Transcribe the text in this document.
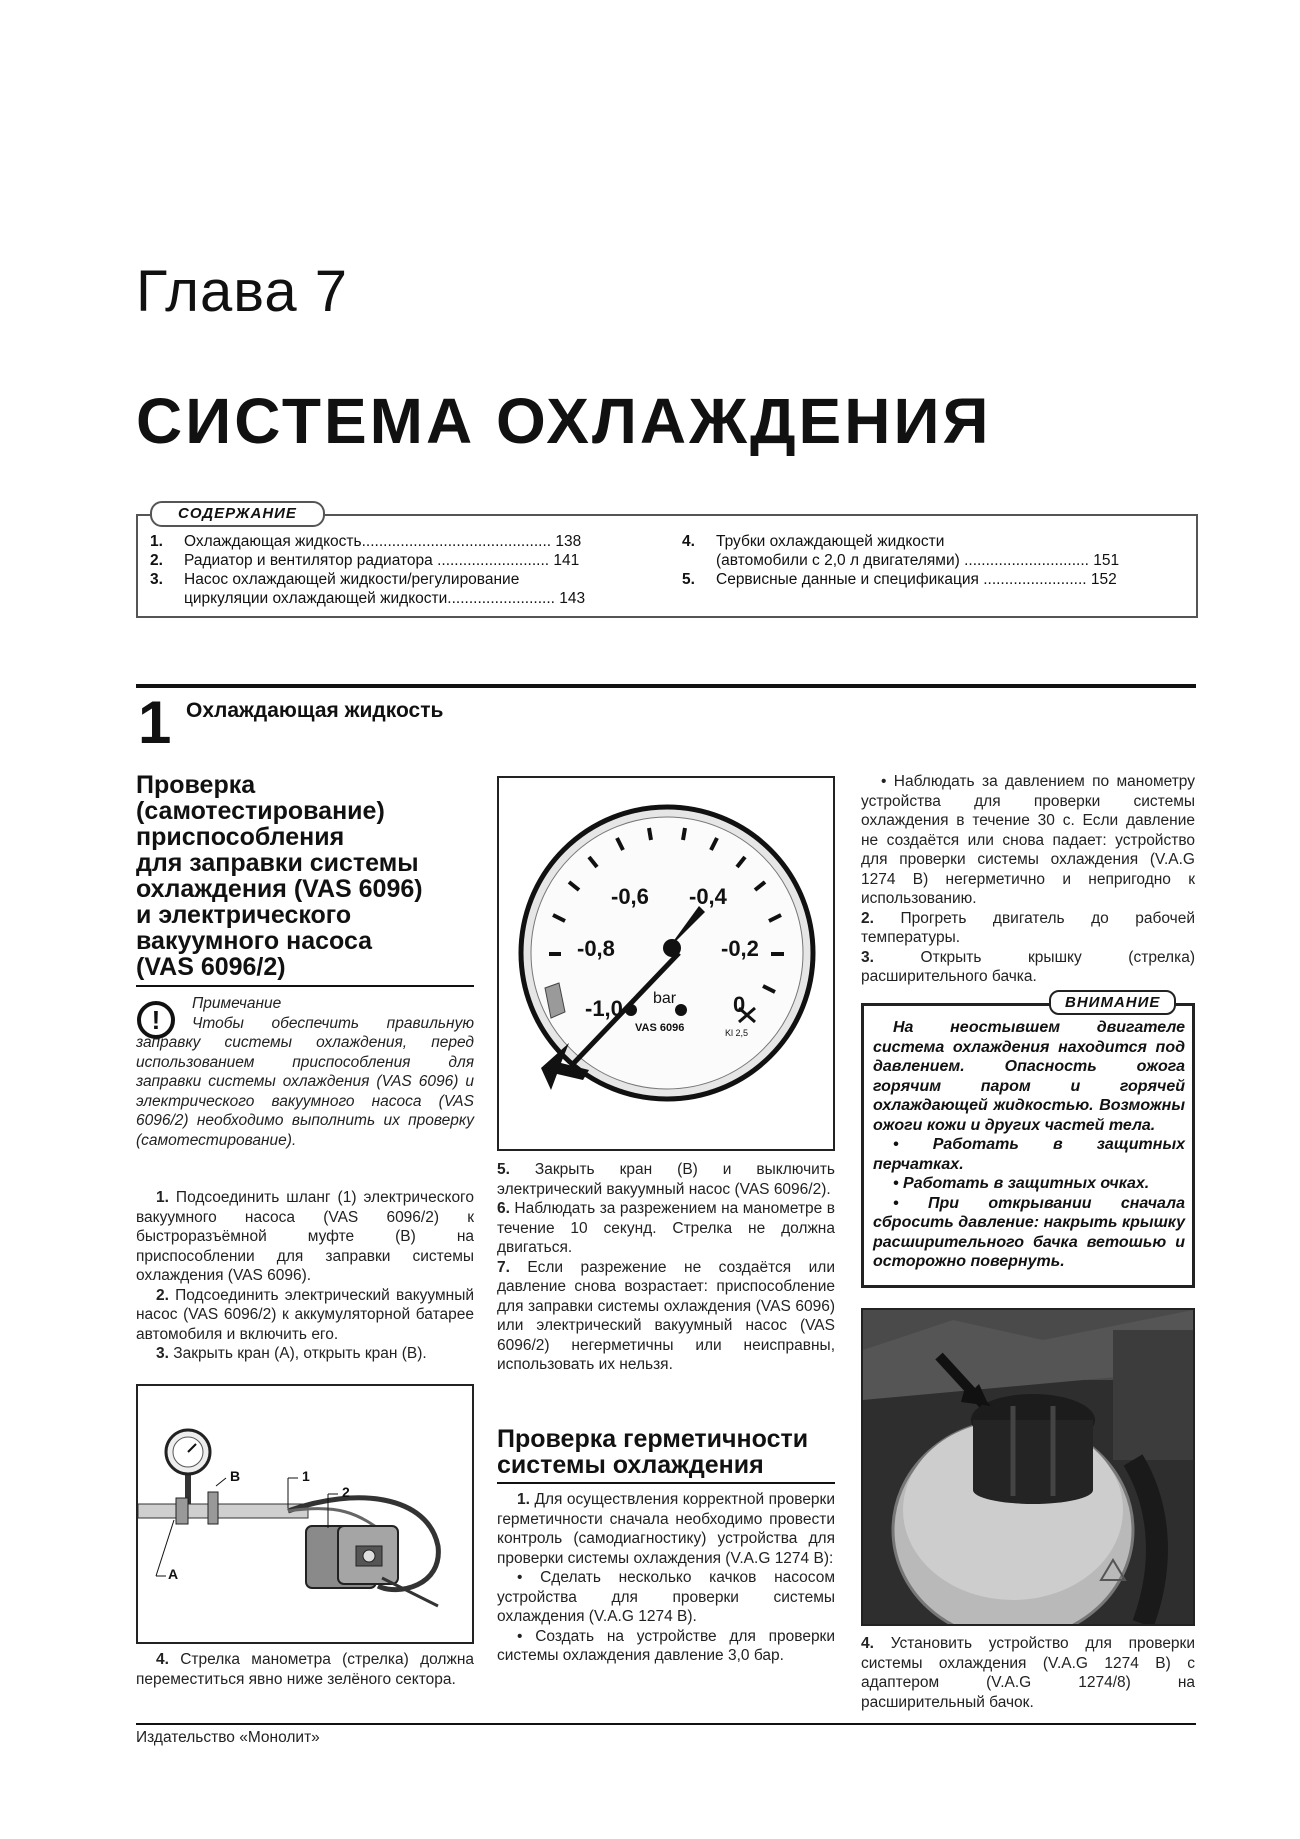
Глава 7
СИСТЕМА ОХЛАЖДЕНИЯ
СОДЕРЖАНИЕ
1.	Охлаждающая жидкость............................................ 138
2.	Радиатор и вентилятор радиатора .......................... 141
3.	Насос охлаждающей жидкости/регулирование
циркуляции охлаждающей жидкости......................... 143
4.	Трубки охлаждающей жидкости
(автомобили с 2,0 л двигателями) ............................. 151
5.	Сервисные данные и спецификация ........................ 152
1 Охлаждающая жидкость
Проверка
(самотестирование)
приспособления
для заправки системы
охлаждения (VAS 6096)
и электрического
вакуумного насоса
(VAS 6096/2)
!
Примечание
Чтобы обеспечить правильную заправку системы охлаждения, перед использованием приспособления для заправки системы охлаждения (VAS 6096) и электрического вакуумного насоса (VAS 6096/2) необходимо выполнить их проверку (самотестирование).

1. Подсоединить шланг (1) электрического вакуумного насоса (VAS 6096/2) к быстроразъёмной муфте (В) на приспособлении для заправки системы охлаждения (VAS 6096).

2. Подсоединить электрический вакуумный насос (VAS 6096/2) к аккумуляторной батарее автомобиля и включить его.

3. Закрыть кран (А), открыть кран (В).

B	1
2
A

4. Стрелка манометра (стрелка) должна переместиться явно ниже зелёного сектора.

-0,6 -0,4
-0,8	-0,2
-1,0	0
bar
VAS 6096	Kl 2,5

5. Закрыть кран (В) и выключить электрический вакуумный насос (VAS 6096/2).

6. Наблюдать за разрежением на манометре в течение 10 секунд. Стрелка не должна двигаться.

7. Если разрежение не создаётся или давление снова возрастает: приспособление для заправки системы охлаждения (VAS 6096) или электрический вакуумный насос (VAS 6096/2) негерметичны или неисправны, использовать их нельзя.

Проверка герметичности
системы охлаждения

1. Для осуществления корректной проверки герметичности сначала необходимо провести контроль (самодиагностику) устройства для проверки системы охлаждения (V.A.G 1274 В):

• Сделать несколько качков насосом устройства для проверки системы охлаждения (V.A.G 1274 В).

• Создать на устройстве для проверки системы охлаждения давление 3,0 бар.

• Наблюдать за давлением по манометру устройства для проверки системы охлаждения в течение 30 с. Если давление не создаётся или снова падает: устройство для проверки системы охлаждения (V.A.G 1274 В) негерметично и непригодно к использованию.

2. Прогреть двигатель до рабочей температуры.

3.	Открыть крышку (стрелка) расширительного бачка.

ВНИМАНИЕ

На неостывшем двигателе система охлаждения находится под давлением. Опасность ожога горячим паром и горячей охлаждающей жидкостью. Возможны ожоги кожи и других частей тела.

• Работать в защитных перчатках.

• Работать в защитных очках.

• При открывании сначала сбросить давление: накрыть крышку расширительного бачка ветошью и осторожно повернуть.

4. Установить устройство для проверки системы охлаждения (V.A.G 1274 В) с адаптером (V.A.G 1274/8) на расширительный бачок.

Издательство «Монолит»
